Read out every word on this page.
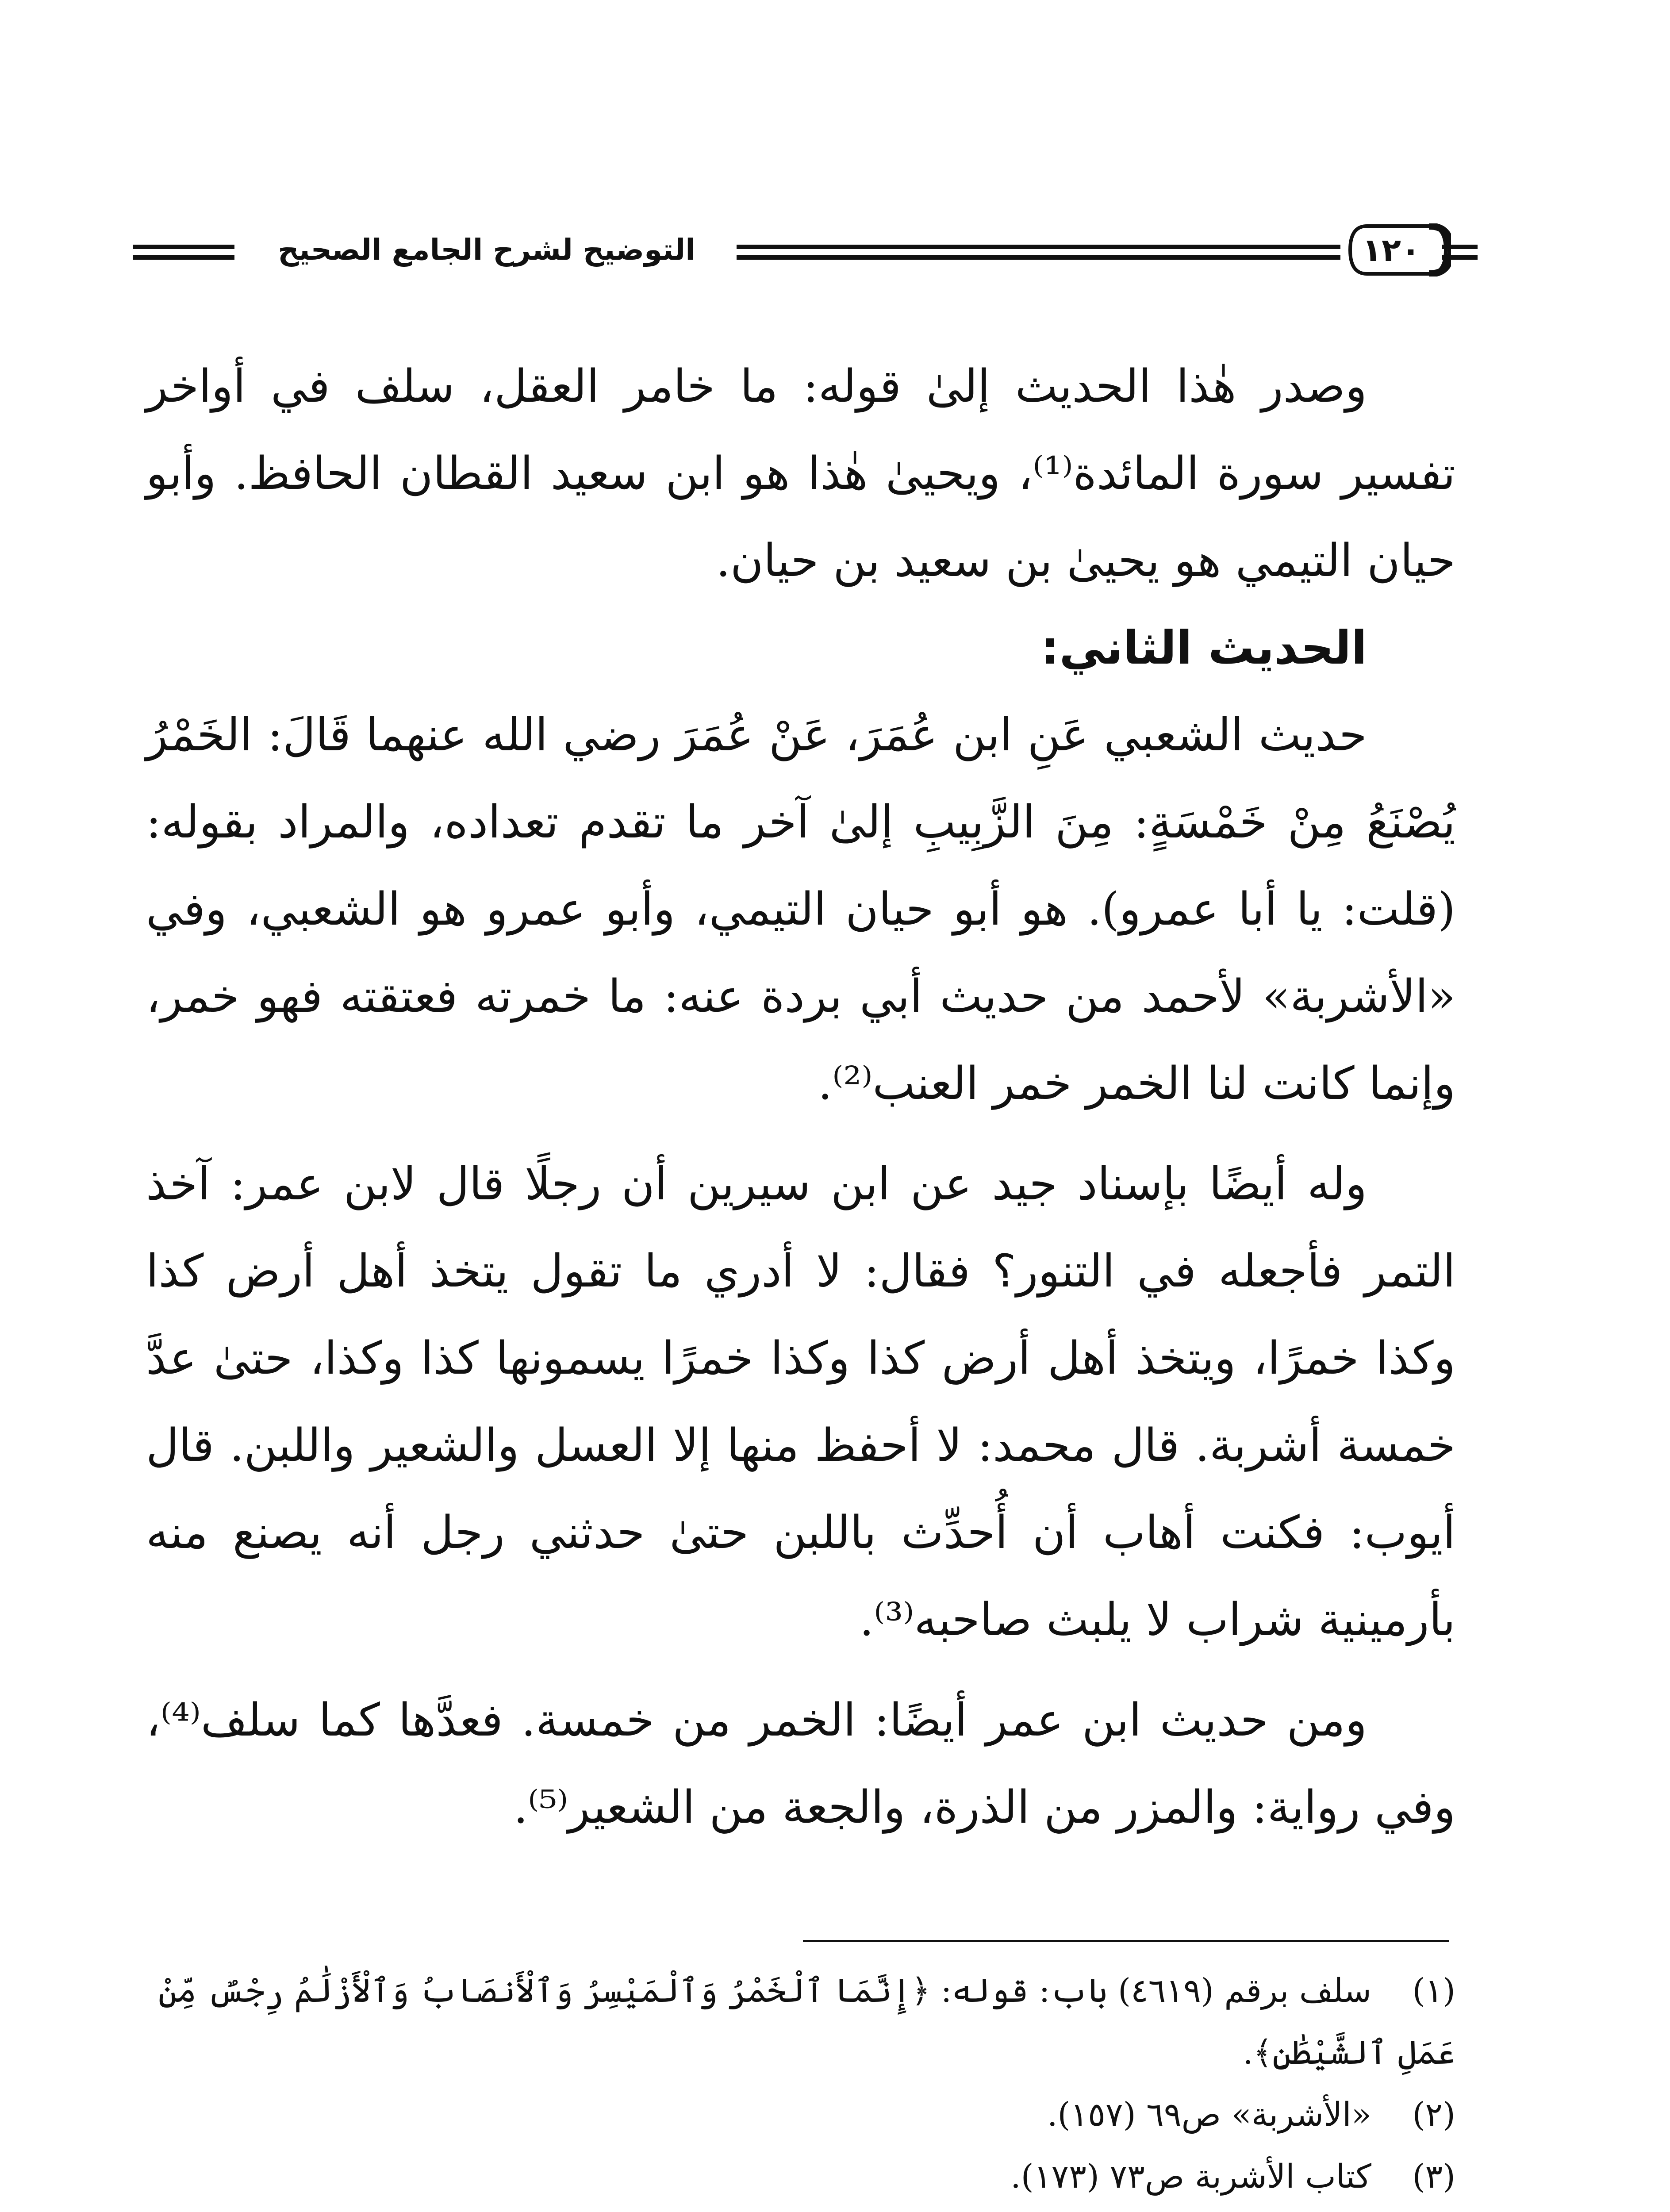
التوضيح لشرح الجامع الصحيح	١٢٠

وصدر هٰذا الحديث إلىٰ قوله: ما خامر العقل، سلف في أواخر تفسير سورة المائدة⁽¹⁾، ويحيىٰ هٰذا هو ابن سعيد القطان الحافظ. وأبو حيان التيمي هو يحيىٰ بن سعيد بن حيان.

الحديث الثاني:

حديث الشعبي عَنِ ابن عُمَرَ، عَنْ عُمَرَ رضي الله عنهما قَالَ: الخَمْرُ يُصْنَعُ مِنْ خَمْسَةٍ: مِنَ الزَّبِيبِ إلىٰ آخر ما تقدم تعداده، والمراد بقوله: (قلت: يا أبا عمرو). هو أبو حيان التيمي، وأبو عمرو هو الشعبي، وفي «الأشربة» لأحمد من حديث أبي بردة عنه: ما خمرته فعتقته فهو خمر، وإنما كانت لنا الخمر خمر العنب⁽²⁾.

وله أيضًا بإسناد جيد عن ابن سيرين أن رجلًا قال لابن عمر: آخذ التمر فأجعله في التنور؟ فقال: لا أدري ما تقول يتخذ أهل أرض كذا وكذا خمرًا، ويتخذ أهل أرض كذا وكذا خمرًا يسمونها كذا وكذا، حتىٰ عدَّ خمسة أشربة. قال محمد: لا أحفظ منها إلا العسل والشعير واللبن. قال أيوب: فكنت أهاب أن أُحدِّث باللبن حتىٰ حدثني رجل أنه يصنع منه بأرمينية شراب لا يلبث صاحبه⁽³⁾.

ومن حديث ابن عمر أيضًا: الخمر من خمسة. فعدَّها كما سلف⁽⁴⁾، وفي رواية: والمزر من الذرة، والجعة من الشعير⁽⁵⁾.

(١)سلف برقم (٤٦١٩) باب: قوله: ﴿إِنَّمَا ٱلْخَمْرُ وَٱلْمَيْسِرُ وَٱلْأَنصَابُ وَٱلْأَزْلَٰمُ رِجْسٌ مِّنْ عَمَلِ ٱلشَّيْطَٰنِ﴾.

(٢)«الأشربة» ص٦٩ (١٥٧).

(٣)كتاب الأشربة ص٧٣ (١٧٣).
